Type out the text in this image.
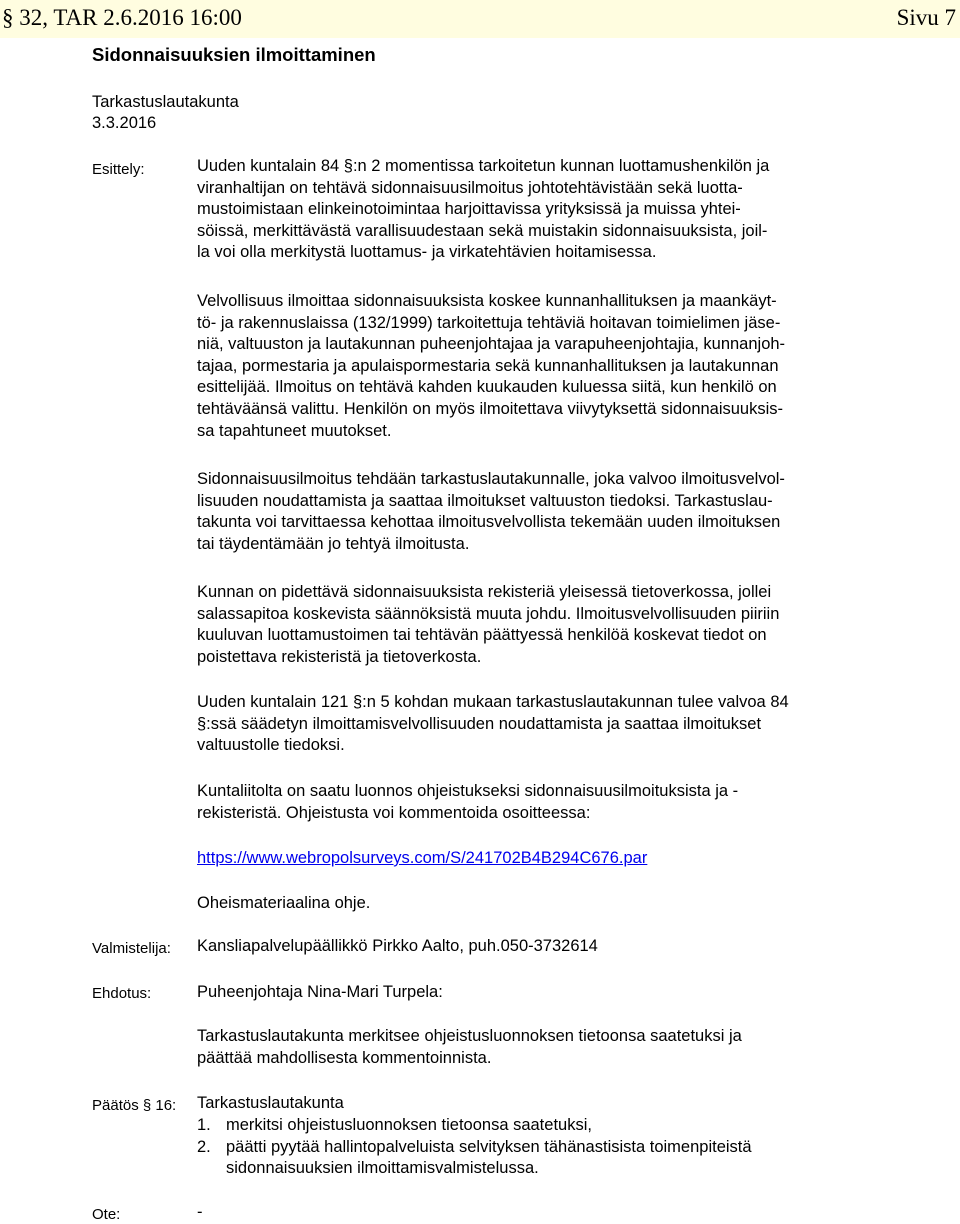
§ 32, TAR 2.6.2016 16:00	Sivu 7
Sidonnaisuuksien ilmoittaminen
Tarkastuslautakunta
3.3.2016
Esittely:	Uuden kuntalain 84 §:n 2 momentissa tarkoitetun kunnan luottamushenkilön ja
viranhaltijan on tehtävä sidonnaisuusilmoitus johtotehtävistään sekä luotta-
mustoimistaan elinkeinotoimintaa harjoittavissa yrityksissä ja muissa yhtei-
söissä, merkittävästä varallisuudestaan sekä muistakin sidonnaisuuksista, joil-
la voi olla merkitystä luottamus- ja virkatehtävien hoitamisessa.
Velvollisuus ilmoittaa sidonnaisuuksista koskee kunnanhallituksen ja maankäyt-
tö- ja rakennuslaissa (132/1999) tarkoitettuja tehtäviä hoitavan toimielimen jäse-
niä, valtuuston ja lautakunnan puheenjohtajaa ja varapuheenjohtajia, kunnanjoh-
tajaa, pormestaria ja apulaispormestaria sekä kunnanhallituksen ja lautakunnan
esittelijää. Ilmoitus on tehtävä kahden kuukauden kuluessa siitä, kun henkilö on
tehtäväänsä valittu. Henkilön on myös ilmoitettava viivytyksettä sidonnaisuuksis-
sa tapahtuneet muutokset.
Sidonnaisuusilmoitus tehdään tarkastuslautakunnalle, joka valvoo ilmoitusvelvol-
lisuuden noudattamista ja saattaa ilmoitukset valtuuston tiedoksi. Tarkastuslau-
takunta voi tarvittaessa kehottaa ilmoitusvelvollista tekemään uuden ilmoituksen
tai täydentämään jo tehtyä ilmoitusta.
Kunnan on pidettävä sidonnaisuuksista rekisteriä yleisessä tietoverkossa, jollei
salassapitoa koskevista säännöksistä muuta johdu. Ilmoitusvelvollisuuden piiriin
kuuluvan luottamustoimen tai tehtävän päättyessä henkilöä koskevat tiedot on
poistettava rekisteristä ja tietoverkosta.
Uuden kuntalain 121 §:n 5 kohdan mukaan tarkastuslautakunnan tulee valvoa 84
§:ssä säädetyn ilmoittamisvelvollisuuden noudattamista ja saattaa ilmoitukset
valtuustolle tiedoksi.
Kuntaliitolta on saatu luonnos ohjeistukseksi sidonnaisuusilmoituksista ja -
rekisteristä. Ohjeistusta voi kommentoida osoitteessa:
https://www.webropolsurveys.com/S/241702B4B294C676.par
Oheismateriaalina ohje.
Valmistelija: Kansliapalvelupäällikkö Pirkko Aalto, puh.050-3732614
Ehdotus:	Puheenjohtaja Nina-Mari Turpela:
Tarkastuslautakunta merkitsee ohjeistusluonnoksen tietoonsa saatetuksi ja
päättää mahdollisesta kommentoinnista.
Päätös § 16: Tarkastuslautakunta
1. merkitsi ohjeistusluonnoksen tietoonsa saatetuksi,
2. päätti pyytää hallintopalveluista selvityksen tähänastisista toimenpiteistä
sidonnaisuuksien ilmoittamisvalmistelussa.
Ote:	-
